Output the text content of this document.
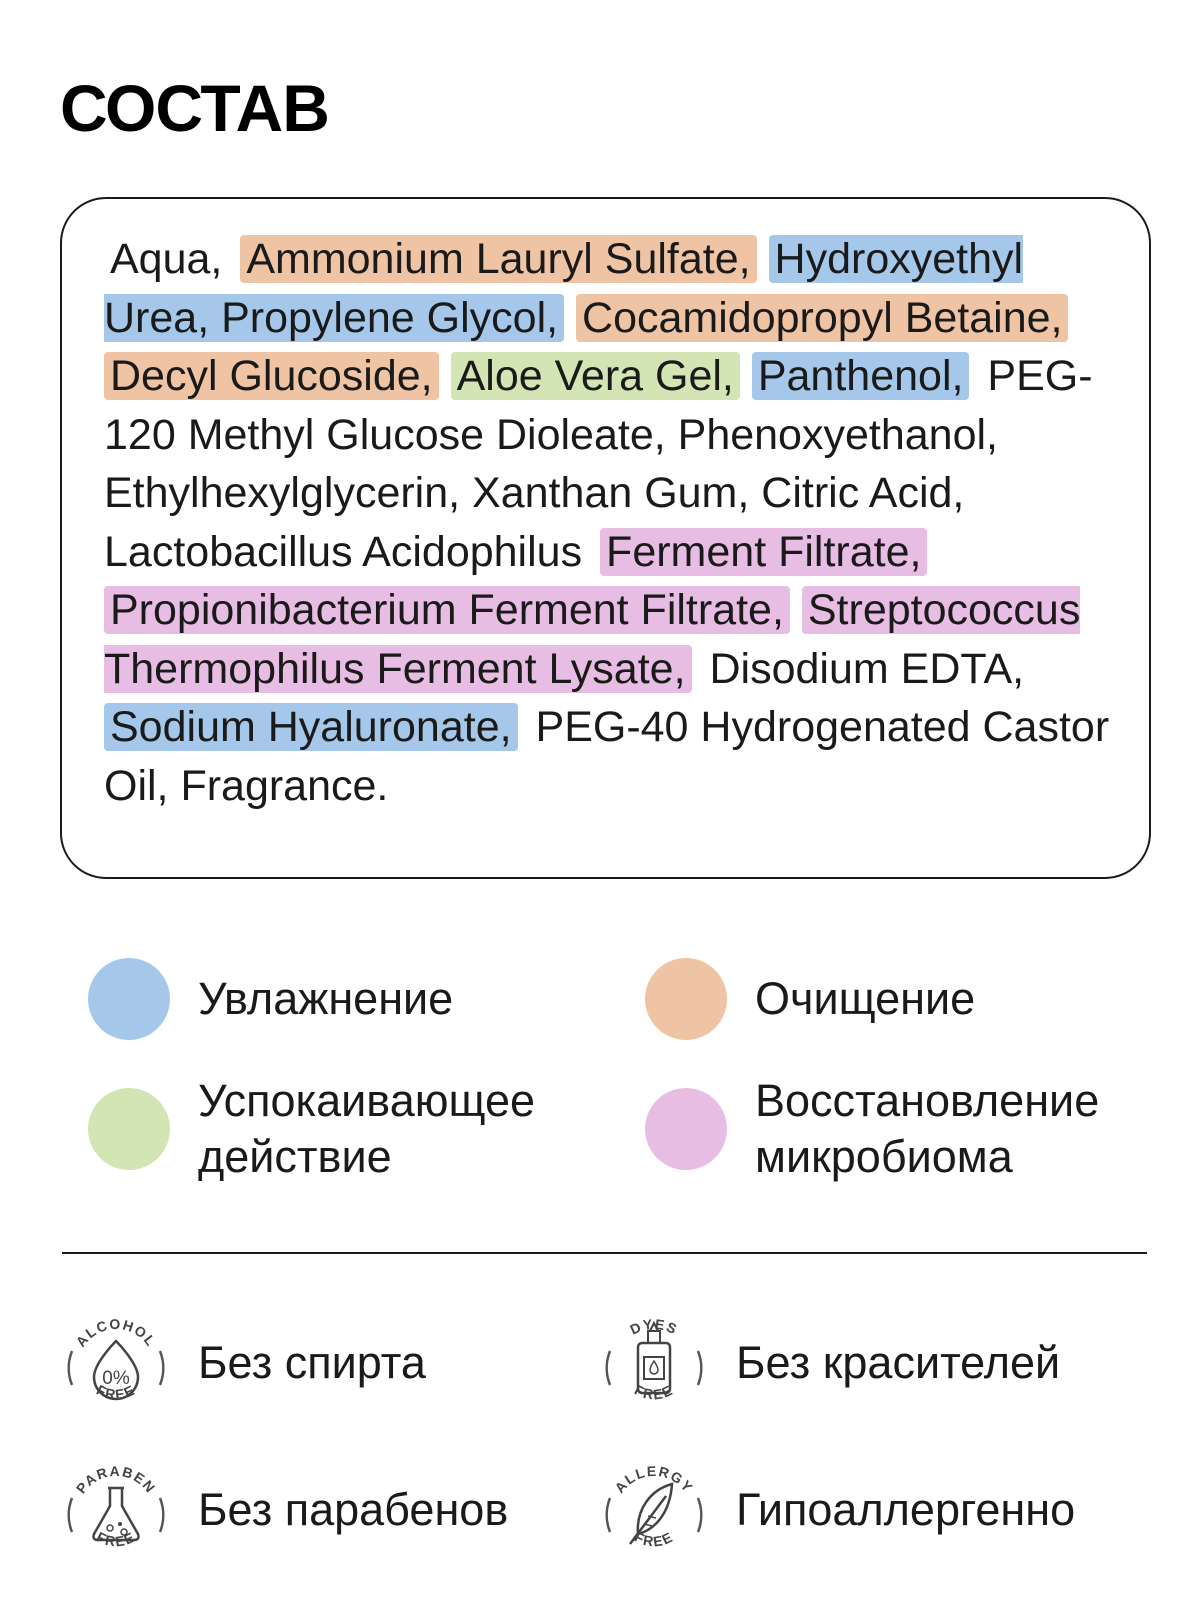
СОСТАВ
Aqua, Ammonium Lauryl Sulfate, Hydroxyethyl Urea, Propylene Glycol, Cocamidopropyl Betaine, Decyl Glucoside, Aloe Vera Gel, Panthenol, PEG-120 Methyl Glucose Dioleate, Phenoxyethanol, Ethylhexylglycerin, Xanthan Gum, Citric Acid, Lactobacillus Acidophilus Ferment Filtrate, Propionibacterium Ferment Filtrate, Streptococcus Thermophilus Ferment Lysate, Disodium EDTA, Sodium Hyaluronate, PEG-40 Hydrogenated Castor Oil, Fragrance.
Увлажнение	Очищение
Успокаивающее
действие
Восстановление
микробиома
ALCOHOL
FREE
0% Без спирта
DYES
FREE
Без красителей
PARABEN
FREE
Без парабенов	ALLERGY
FREE
Гипоаллергенно
